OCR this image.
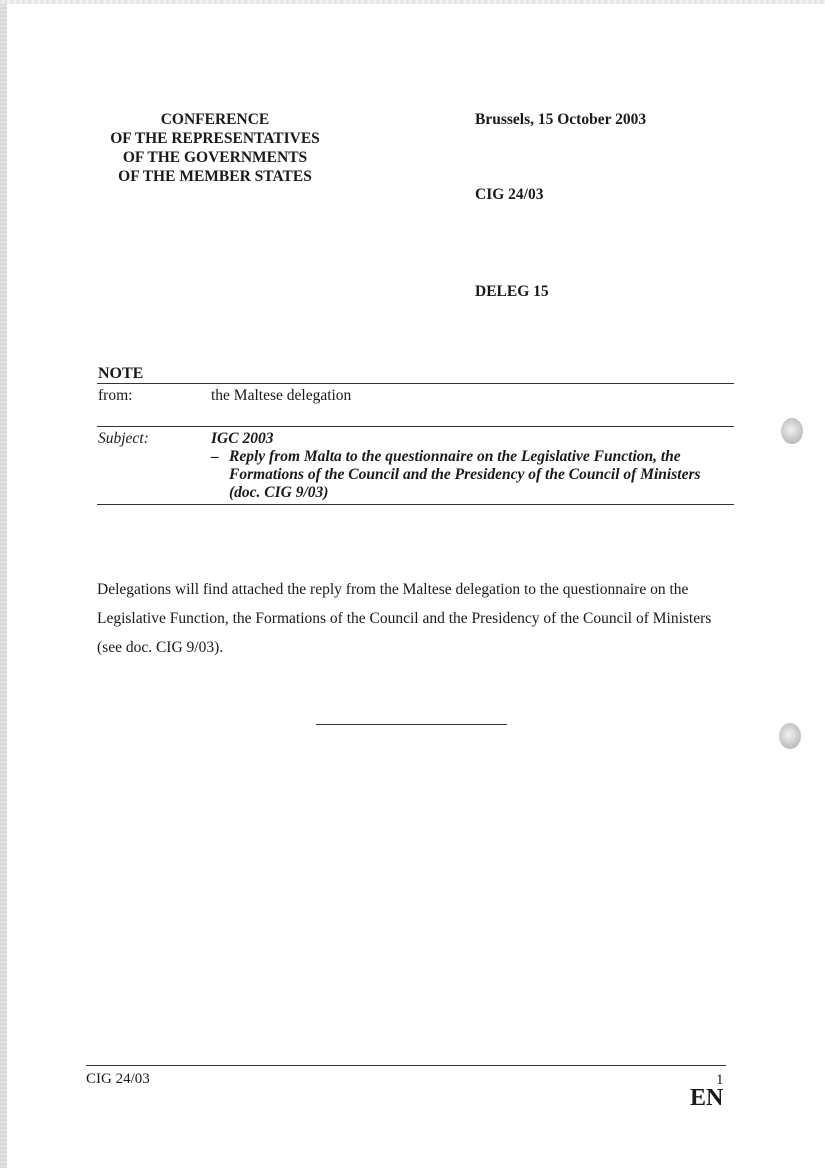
CONFERENCE
OF THE REPRESENTATIVES
OF THE GOVERNMENTS
OF THE MEMBER STATES
Brussels, 15 October 2003
CIG 24/03
DELEG 15
NOTE
from:	the Maltese delegation
Subject:	IGC 2003
– Reply from Malta to the questionnaire on the Legislative Function, the
Formations of the Council and the Presidency of the Council of Ministers
(doc. CIG 9/03)
Delegations will find attached the reply from the Maltese delegation to the questionnaire on the
Legislative Function, the Formations of the Council and the Presidency of the Council of Ministers
(see doc. CIG 9/03).
CIG 24/03	1
EN
